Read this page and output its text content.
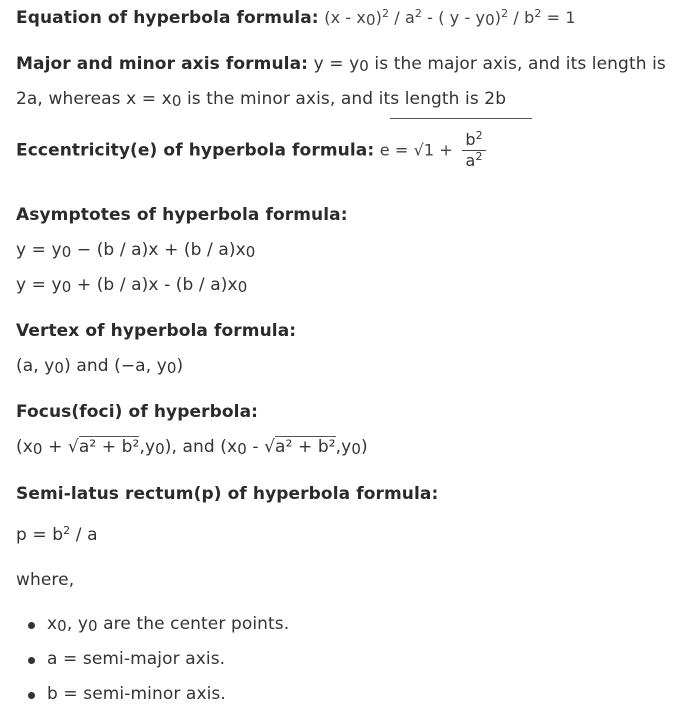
Equation of hyperbola formula: $(x - x0)^2 / a^2$ - ( $y - y0)^2 / b^2 = 1$
Major and minor axis formula: y = y0 is the major axis, and its length is
2a, whereas x = x0 is the minor axis, and its length is 2b
Eccentricity(e) of hyperbola formula: $e = √1 + \frac{b^2}{a^2}$
Asymptotes of hyperbola formula:
y = y0 − (b / a)x + (b / a)x0
y = y0 + (b / a)x - (b / a)x0
Vertex of hyperbola formula:
(a, y0) and (−a, y0)
Focus(foci) of hyperbola:
(x0 + √a² + b²,y0), and (x0 - √a² + b²,y0)
Semi-latus rectum(p) of hyperbola formula:
$p = b^2 / a$
where,
x0, y0 are the center points.
a = semi-major axis.
b = semi-minor axis.
